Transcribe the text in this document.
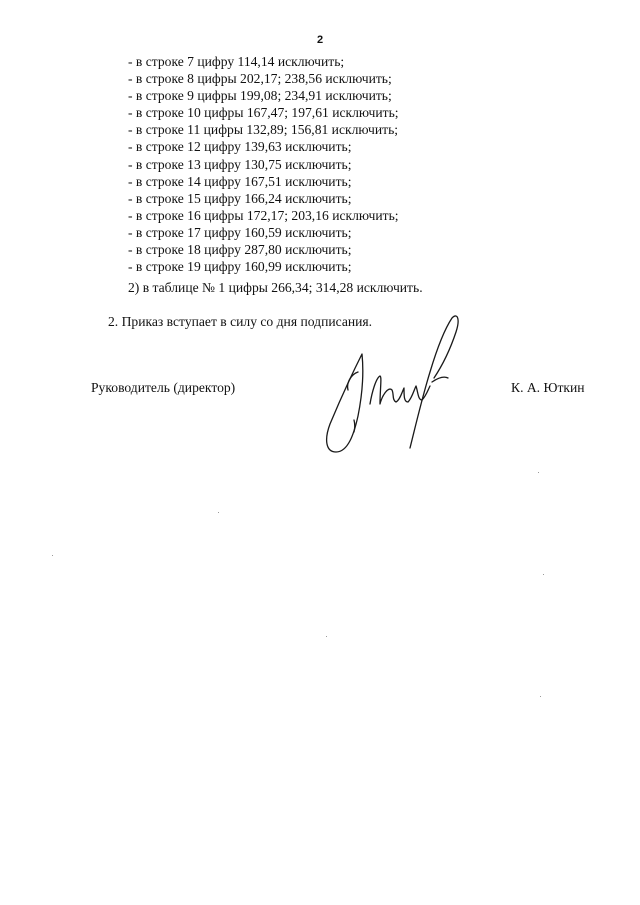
2
- в строке 7 цифру 114,14 исключить;
- в строке 8 цифры 202,17; 238,56 исключить;
- в строке 9 цифры 199,08; 234,91 исключить;
- в строке 10 цифры 167,47; 197,61 исключить;
- в строке 11 цифры 132,89; 156,81 исключить;
- в строке 12 цифру 139,63 исключить;
- в строке 13 цифру 130,75 исключить;
- в строке 14 цифру 167,51 исключить;
- в строке 15 цифру 166,24 исключить;
- в строке 16 цифры 172,17; 203,16 исключить;
- в строке 17 цифру 160,59 исключить;
- в строке 18 цифру 287,80 исключить;
- в строке 19 цифру 160,99 исключить;
2) в таблице № 1 цифры 266,34; 314,28 исключить.
2. Приказ вступает в силу со дня подписания.
Руководитель (директор)	К. А. Юткин
